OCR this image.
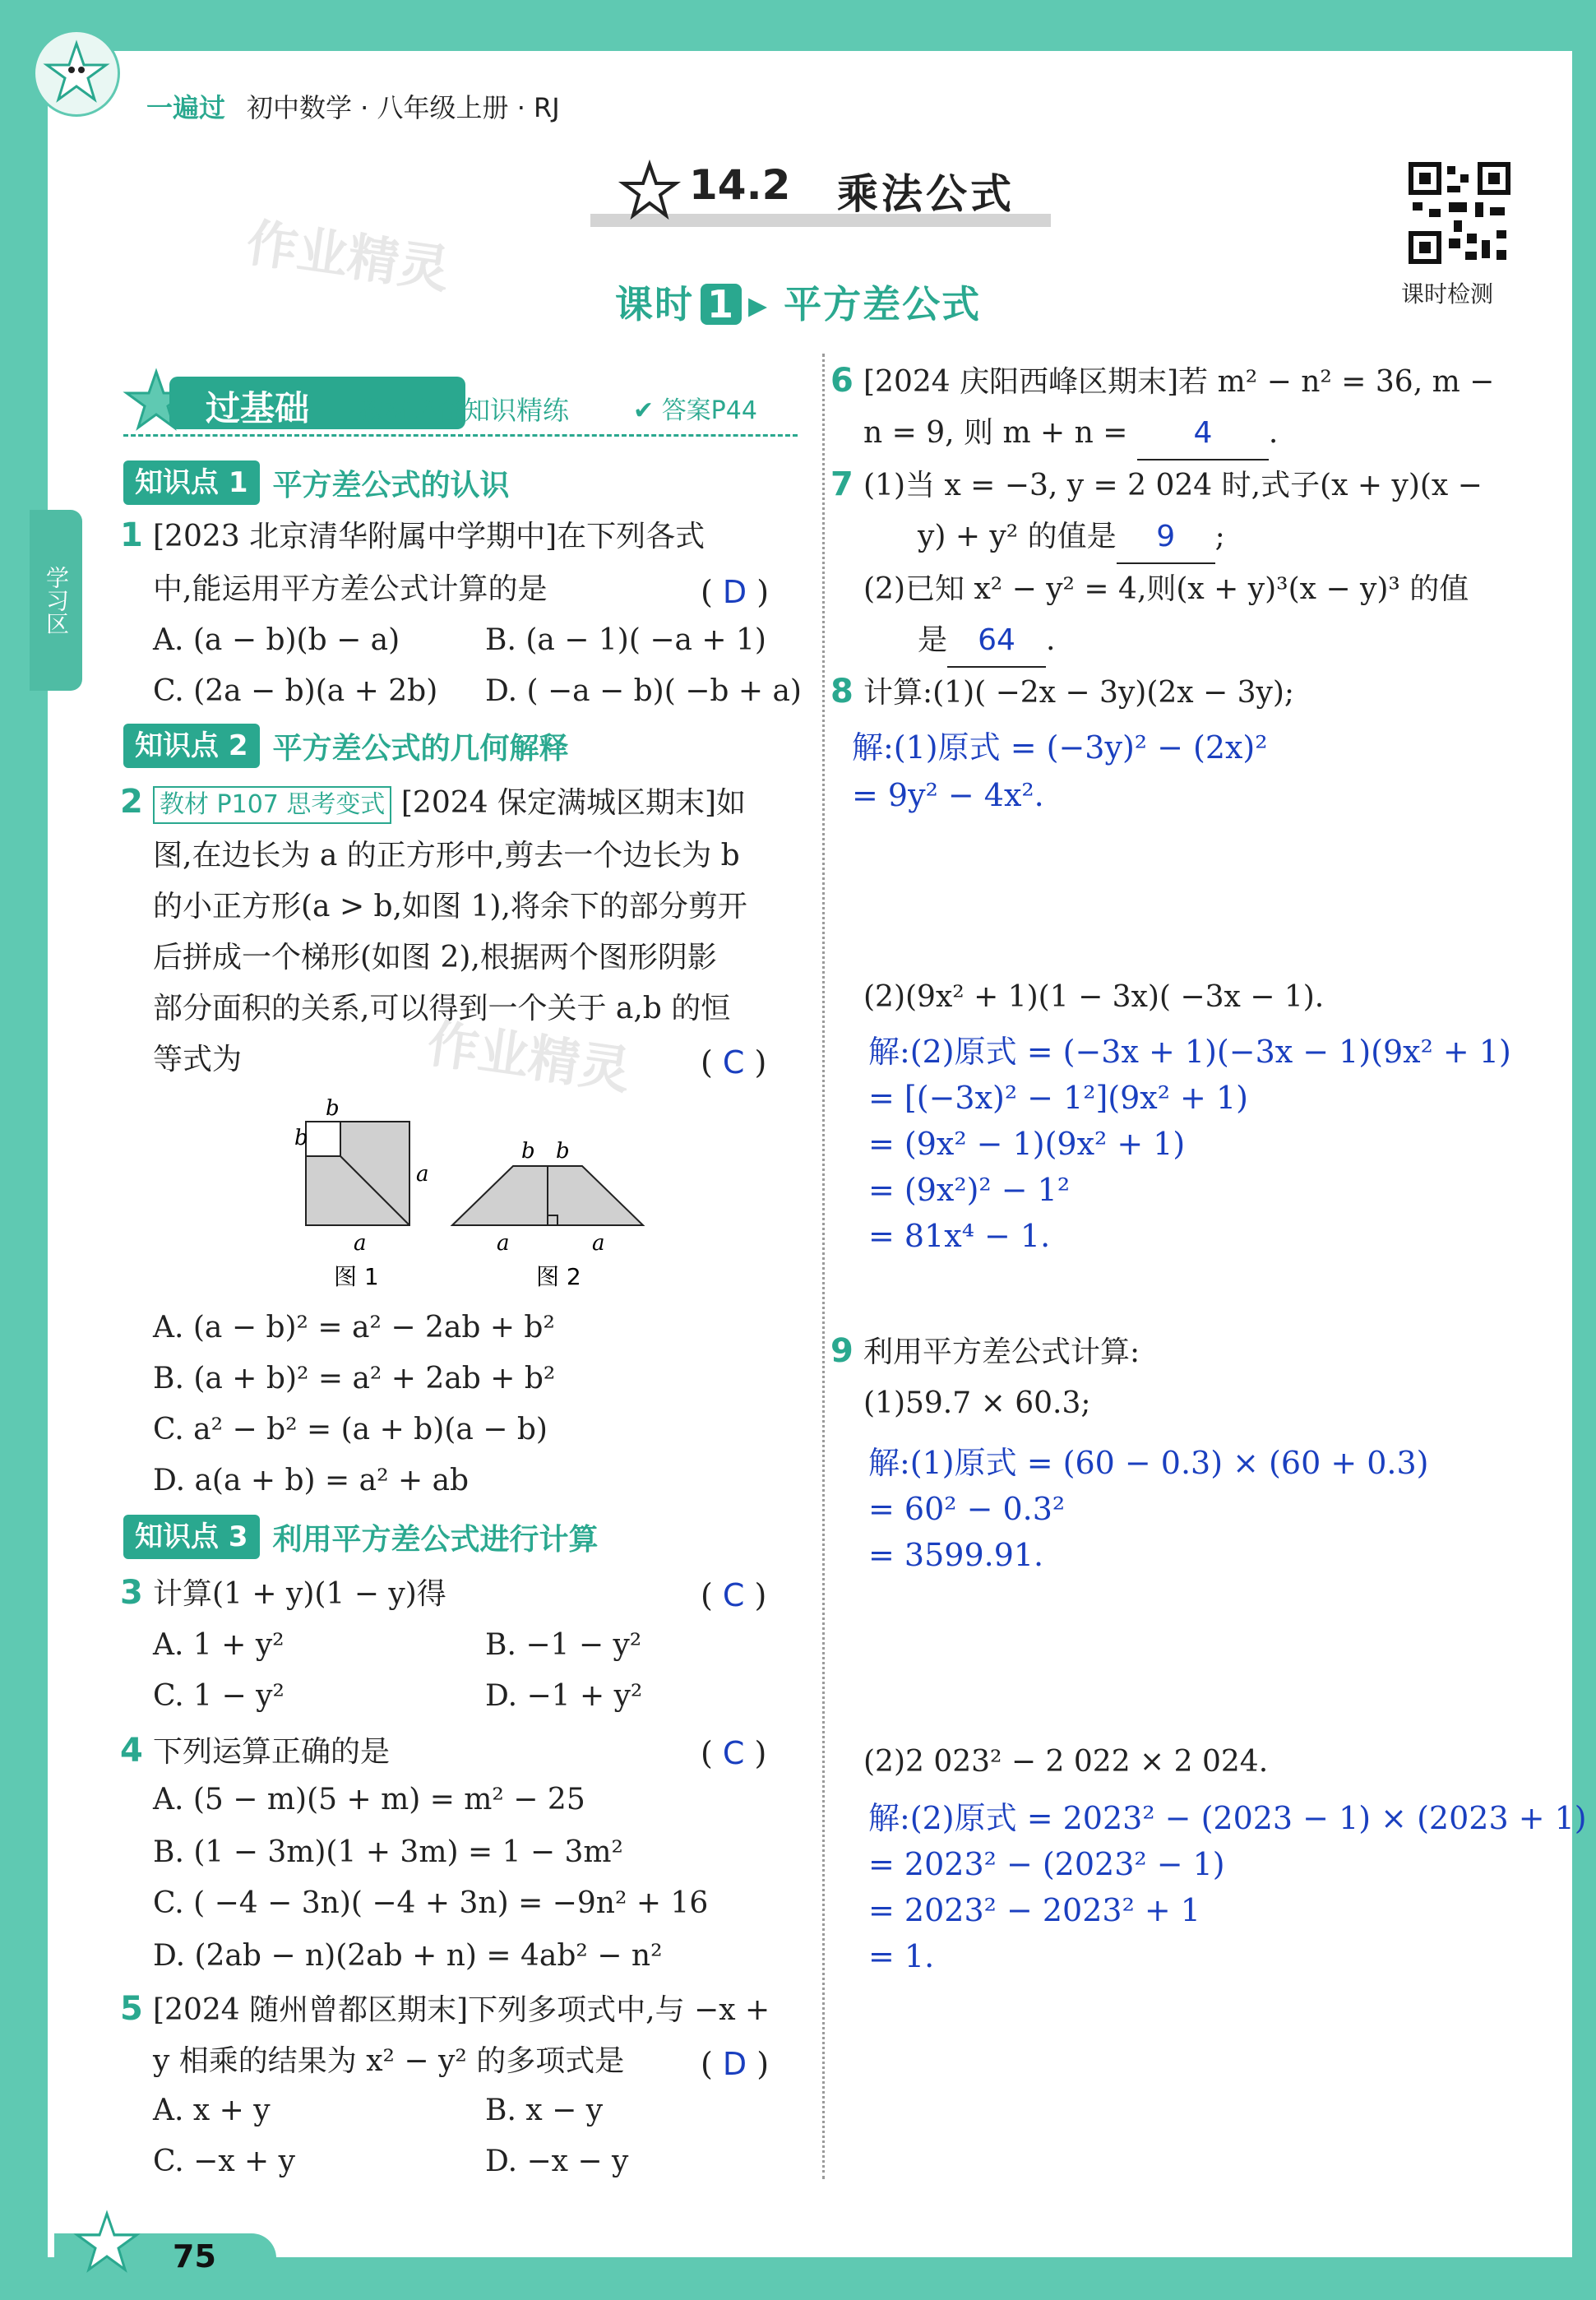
一遍过 初中数学 · 八年级上册 · RJ
学习区
作业精灵
作业精灵
14.2 乘法公式
课时 1 ▸ 平方差公式	课时检测
过基础 教材必备知识精练	✔ 答案P44
知识点 1 平方差公式的认识
1 [2023 北京清华附属中学期中]在下列各式
中,能运用平方差公式计算的是	( D )
A. (a − b)(b − a)	B. (a − 1)( −a + 1)
C. (2a − b)(a + 2b) D. ( −a − b)( −b + a)
知识点 2 平方差公式的几何解释
2 教材 P107 思考变式 [2024 保定满城区期末]如
图,在边长为 a 的正方形中,剪去一个边长为 b
的小正方形(a > b,如图 1),将余下的部分剪开
后拼成一个梯形(如图 2),根据两个图形阴影
部分面积的关系,可以得到一个关于 a,b 的恒
等式为	( C )
b
b
a
a
图 1
b b
a	a
图 2
A. (a − b)² = a² − 2ab + b²
B. (a + b)² = a² + 2ab + b²
C. a² − b² = (a + b)(a − b)
D. a(a + b) = a² + ab
知识点 3 利用平方差公式进行计算
3 计算(1 + y)(1 − y)得	( C )
A. 1 + y²	B. −1 − y²
C. 1 − y²	D. −1 + y²
4 下列运算正确的是	( C )
A. (5 − m)(5 + m) = m² − 25
B. (1 − 3m)(1 + 3m) = 1 − 3m²
C. ( −4 − 3n)( −4 + 3n) = −9n² + 16
D. (2ab − n)(2ab + n) = 4ab² − n²
5 [2024 随州曾都区期末]下列多项式中,与 −x +
y 相乘的结果为 x² − y² 的多项式是 ( D )
A. x + y	B. x − y
C. −x + y	D. −x − y
6 [2024 庆阳西峰区期末]若 m² − n² = 36, m −
n = 9, 则 m + n = 4 .
7 (1)当 x = −3, y = 2 024 时,式子(x + y)(x −
y) + y² 的值是 9 ;
(2)已知 x² − y² = 4,则(x + y)³(x − y)³ 的值
是 64 .
8 计算:(1)( −2x − 3y)(2x − 3y);
解:(1)原式 = (−3y)² − (2x)²
= 9y² − 4x².
(2)(9x² + 1)(1 − 3x)( −3x − 1).
解:(2)原式 = (−3x + 1)(−3x − 1)(9x² + 1)
= [(−3x)² − 1²](9x² + 1)
= (9x² − 1)(9x² + 1)
= (9x²)² − 1²
= 81x⁴ − 1.
9 利用平方差公式计算:
(1)59.7 × 60.3;
解:(1)原式 = (60 − 0.3) × (60 + 0.3)
= 60² − 0.3²
= 3599.91.
(2)2 023² − 2 022 × 2 024.
解:(2)原式 = 2023² − (2023 − 1) × (2023 + 1)
= 2023² − (2023² − 1)
= 2023² − 2023² + 1
= 1.
75
